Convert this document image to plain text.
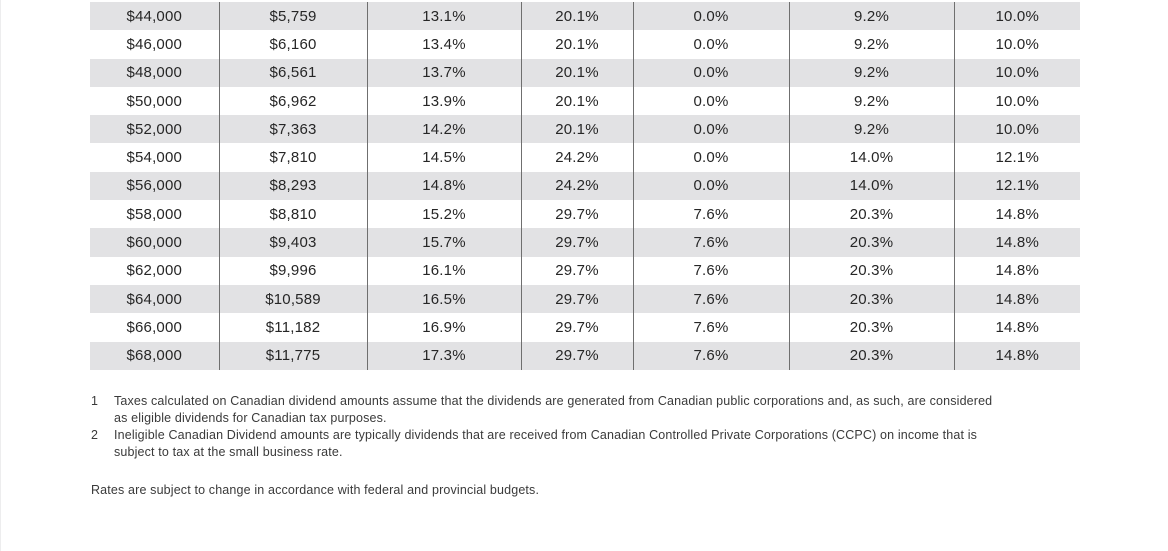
$44,000	$5,759	13.1%	20.1%	0.0%	9.2%	10.0%
$46,000	$6,160	13.4%	20.1%	0.0%	9.2%	10.0%
$48,000	$6,561	13.7%	20.1%	0.0%	9.2%	10.0%
$50,000	$6,962	13.9%	20.1%	0.0%	9.2%	10.0%
$52,000	$7,363	14.2%	20.1%	0.0%	9.2%	10.0%
$54,000	$7,810	14.5%	24.2%	0.0%	14.0%	12.1%
$56,000	$8,293	14.8%	24.2%	0.0%	14.0%	12.1%
$58,000	$8,810	15.2%	29.7%	7.6%	20.3%	14.8%
$60,000	$9,403	15.7%	29.7%	7.6%	20.3%	14.8%
$62,000	$9,996	16.1%	29.7%	7.6%	20.3%	14.8%
$64,000	$10,589	16.5%	29.7%	7.6%	20.3%	14.8%
$66,000	$11,182	16.9%	29.7%	7.6%	20.3%	14.8%
$68,000	$11,775	17.3%	29.7%	7.6%	20.3%	14.8%
1	Taxes calculated on Canadian dividend amounts assume that the dividends are generated from Canadian public corporations and, as such, are considered
as eligible dividends for Canadian tax purposes.
2	Ineligible Canadian Dividend amounts are typically dividends that are received from Canadian Controlled Private Corporations (CCPC) on income that is
subject to tax at the small business rate.
Rates are subject to change in accordance with federal and provincial budgets.
